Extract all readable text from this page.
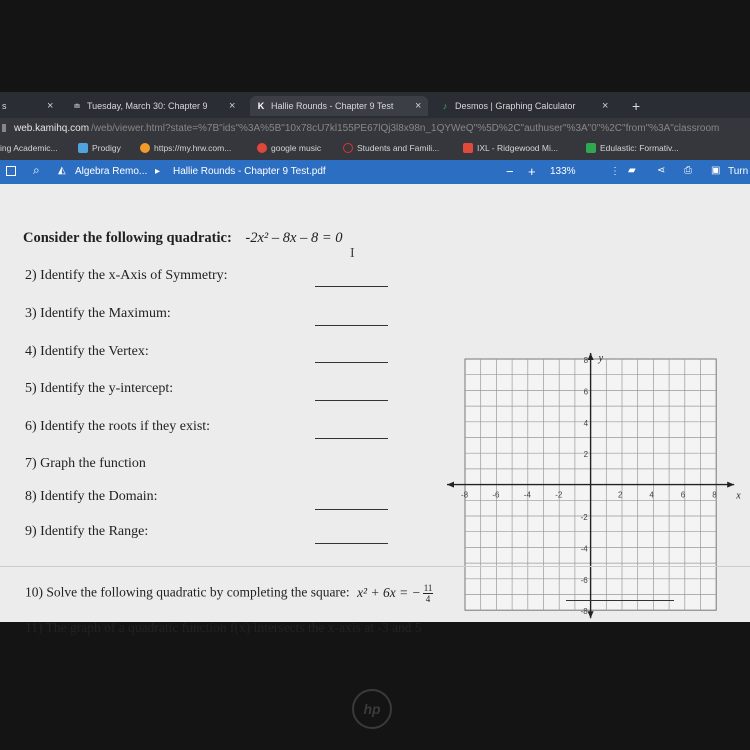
s	× ≐ Tuesday, March 30: Chapter 9 × K Hallie Rounds - Chapter 9 Test ×	♪ Desmos | Graphing Calculator × +
web.kamihq.com /web/viewer.html?state=%7B"ids"%3A%5B"10x78cU7kl155PE67lQj3l8x98n_1QYWeQ"%5D%2C"authuser"%3A"0"%2C"from"%3A"classroom
ing Academic...	Prodigy	https://my.hrw.com...	google music	Students and Famili...	IXL - Ridgewood Mi...	Edulastic: Formativ...
⌕ ◭ Algebra Remo... ▸ Hallie Rounds - Chapter 9 Test.pdf	− + 133%	⋮ ▰ ⋖ ⎙ ▣ Turn
Consider the following quadratic: -2x² – 8x – 8 = 0
I
2) Identify the x-Axis of Symmetry:
3) Identify the Maximum:
4) Identify the Vertex:
5) Identify the y-intercept:
6) Identify the roots if they exist:
7) Graph the function
8) Identify the Domain:
9) Identify the Range:
x
y
-8	-6	-4	-2	2	4	6	8
8
6
4
2
-2
-4
-6
-8
10) Solve the following quadratic by completing the square: x² + 6x = − $\frac{11}{4}$
11) The graph of a quadratic function f(x) intersects the x-axis at -3 and 5
hp
